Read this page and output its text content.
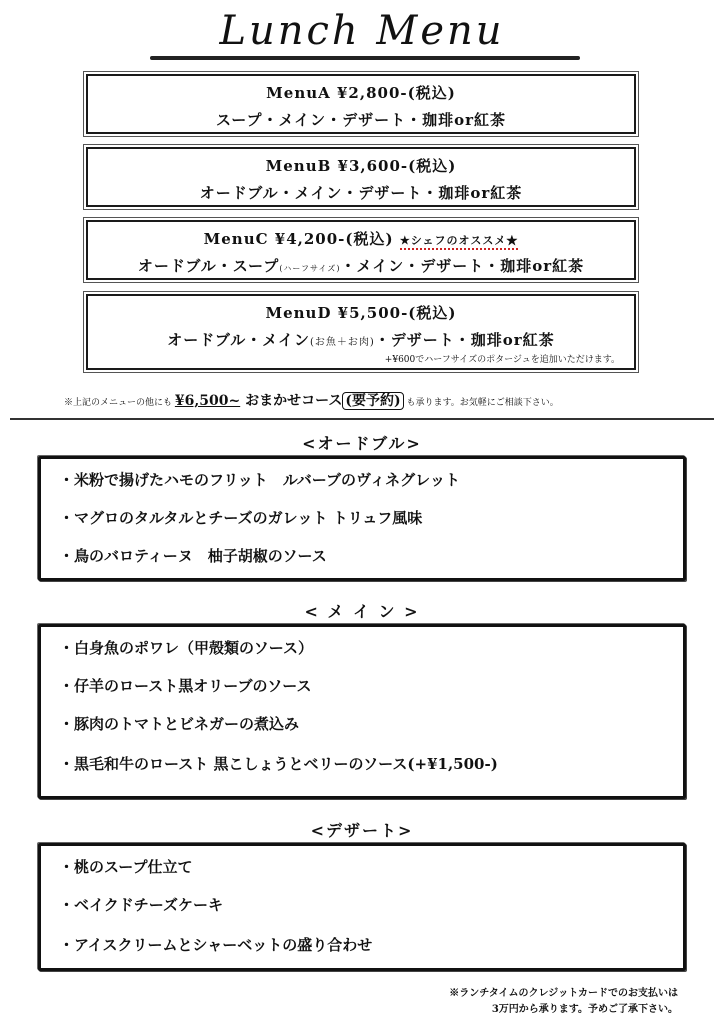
Lunch Menu
MenuA ¥2,800-(税込)
スープ・メイン・デザート・珈琲or紅茶
MenuB ¥3,600-(税込)
オードブル・メイン・デザート・珈琲or紅茶
MenuC ¥4,200-(税込) ★シェフのオススメ★
オードブル・スープ(ハーフサイズ)・メイン・デザート・珈琲or紅茶
MenuD ¥5,500-(税込)
オードブル・メイン(お魚＋お肉)・デザート・珈琲or紅茶
+¥600でハーフサイズのポタージュを追加いただけます。
※上記のメニューの他にも ¥6,500~ おまかせコース (要予約) も承ります。お気軽にご相談下さい。
<オードブル>
・米粉で揚げたハモのフリット　ルバーブのヴィネグレット
・マグロのタルタルとチーズのガレット トリュフ風味
・鳥のバロティーヌ　柚子胡椒のソース
< メ イ ン >
・白身魚のポワレ（甲殻類のソース）
・仔羊のロースト黒オリーブのソース
・豚肉のトマトとビネガーの煮込み
・黒毛和牛のロースト 黒こしょうとベリーのソース(+¥1,500-)
<デザート>
・桃のスープ仕立て
・ベイクドチーズケーキ
・アイスクリームとシャーベットの盛り合わせ
※ランチタイムのクレジットカードでのお支払いは
3万円から承ります。予めご了承下さい。
